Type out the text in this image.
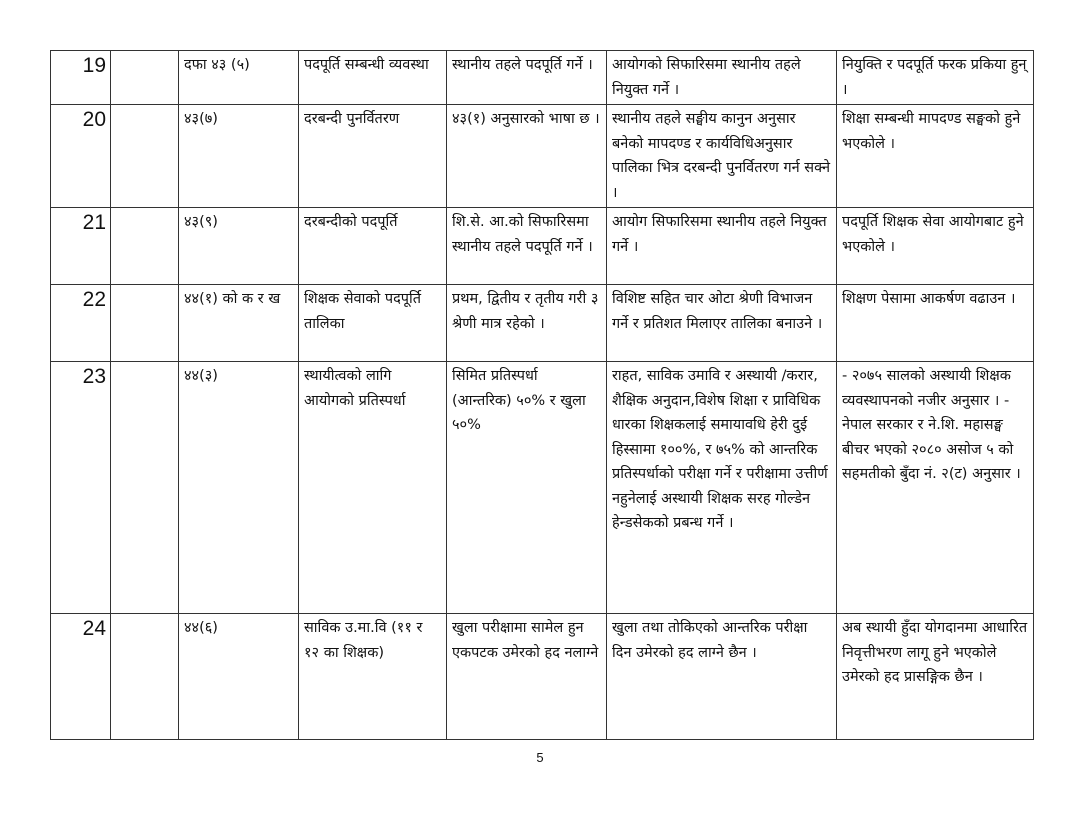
19		दफा ४३ (५)	पदपूर्ति सम्बन्धी व्यवस्था	स्थानीय तहले पदपूर्ति गर्ने ।	आयोगको सिफारिसमा स्थानीय तहले नियुक्त गर्ने ।	नियुक्ति र पदपूर्ति फरक प्रकिया हुन् ।
20		४३(७)	दरबन्दी पुनर्वितरण	४३(१) अनुसारको भाषा छ ।	स्थानीय तहले सङ्घीय कानुन अनुसार बनेको मापदण्ड र कार्यविधिअनुसार पालिका भित्र दरबन्दी पुनर्वितरण गर्न सक्ने ।	शिक्षा सम्बन्धी मापदण्ड सङ्घको हुने भएकोले ।
21		४३(९)	दरबन्दीको पदपूर्ति	शि.से. आ.को सिफारिसमा स्थानीय तहले पदपूर्ति गर्ने ।	आयोग सिफारिसमा स्थानीय तहले नियुक्त गर्ने ।	पदपूर्ति शिक्षक सेवा आयोगबाट हुने भएकोले ।
22		४४(१) को क र ख	शिक्षक सेवाको पदपूर्ति तालिका	प्रथम, द्वितीय र तृतीय गरी ३ श्रेणी मात्र रहेको ।	विशिष्ट सहित चार ओटा श्रेणी विभाजन गर्ने र प्रतिशत मिलाएर तालिका बनाउने ।	शिक्षण पेसामा आकर्षण वढाउन ।
23		४४(३)	स्थायीत्वको लागि आयोगको प्रतिस्पर्धा	सिमित प्रतिस्पर्धा (आन्तरिक) ५०% र खुला ५०%	राहत, साविक उमावि र अस्थायी /करार, शैक्षिक अनुदान,विशेष शिक्षा र प्राविधिक धारका शिक्षकलाई समायावधि हेरी दुई हिस्सामा १००%, र ७५% को आन्तरिक प्रतिस्पर्धाको परीक्षा गर्ने र परीक्षामा उत्तीर्ण नहुनेलाई अस्थायी शिक्षक सरह गोल्डेन हेन्डसेकको प्रबन्ध गर्ने ।	- २०७५ सालको अस्थायी शिक्षक व्यवस्थापनको नजीर अनुसार । - नेपाल सरकार र ने.शि. महासङ्घ बीचर भएको २०८० असोज ५ को सहमतीको बुँदा नं. २(ट) अनुसार ।
24		४४(६)	साविक उ.मा.वि (११ र १२ का शिक्षक)	खुला परीक्षामा सामेल हुन एकपटक उमेरको हद नलाग्ने	खुला तथा तोकिएको आन्तरिक परीक्षा दिन उमेरको हद लाग्ने छैन ।	अब स्थायी हुँदा योगदानमा आधारित निवृत्तीभरण लागू हुने भएकोले उमेरको हद प्रासङ्गिक छैन ।
5
